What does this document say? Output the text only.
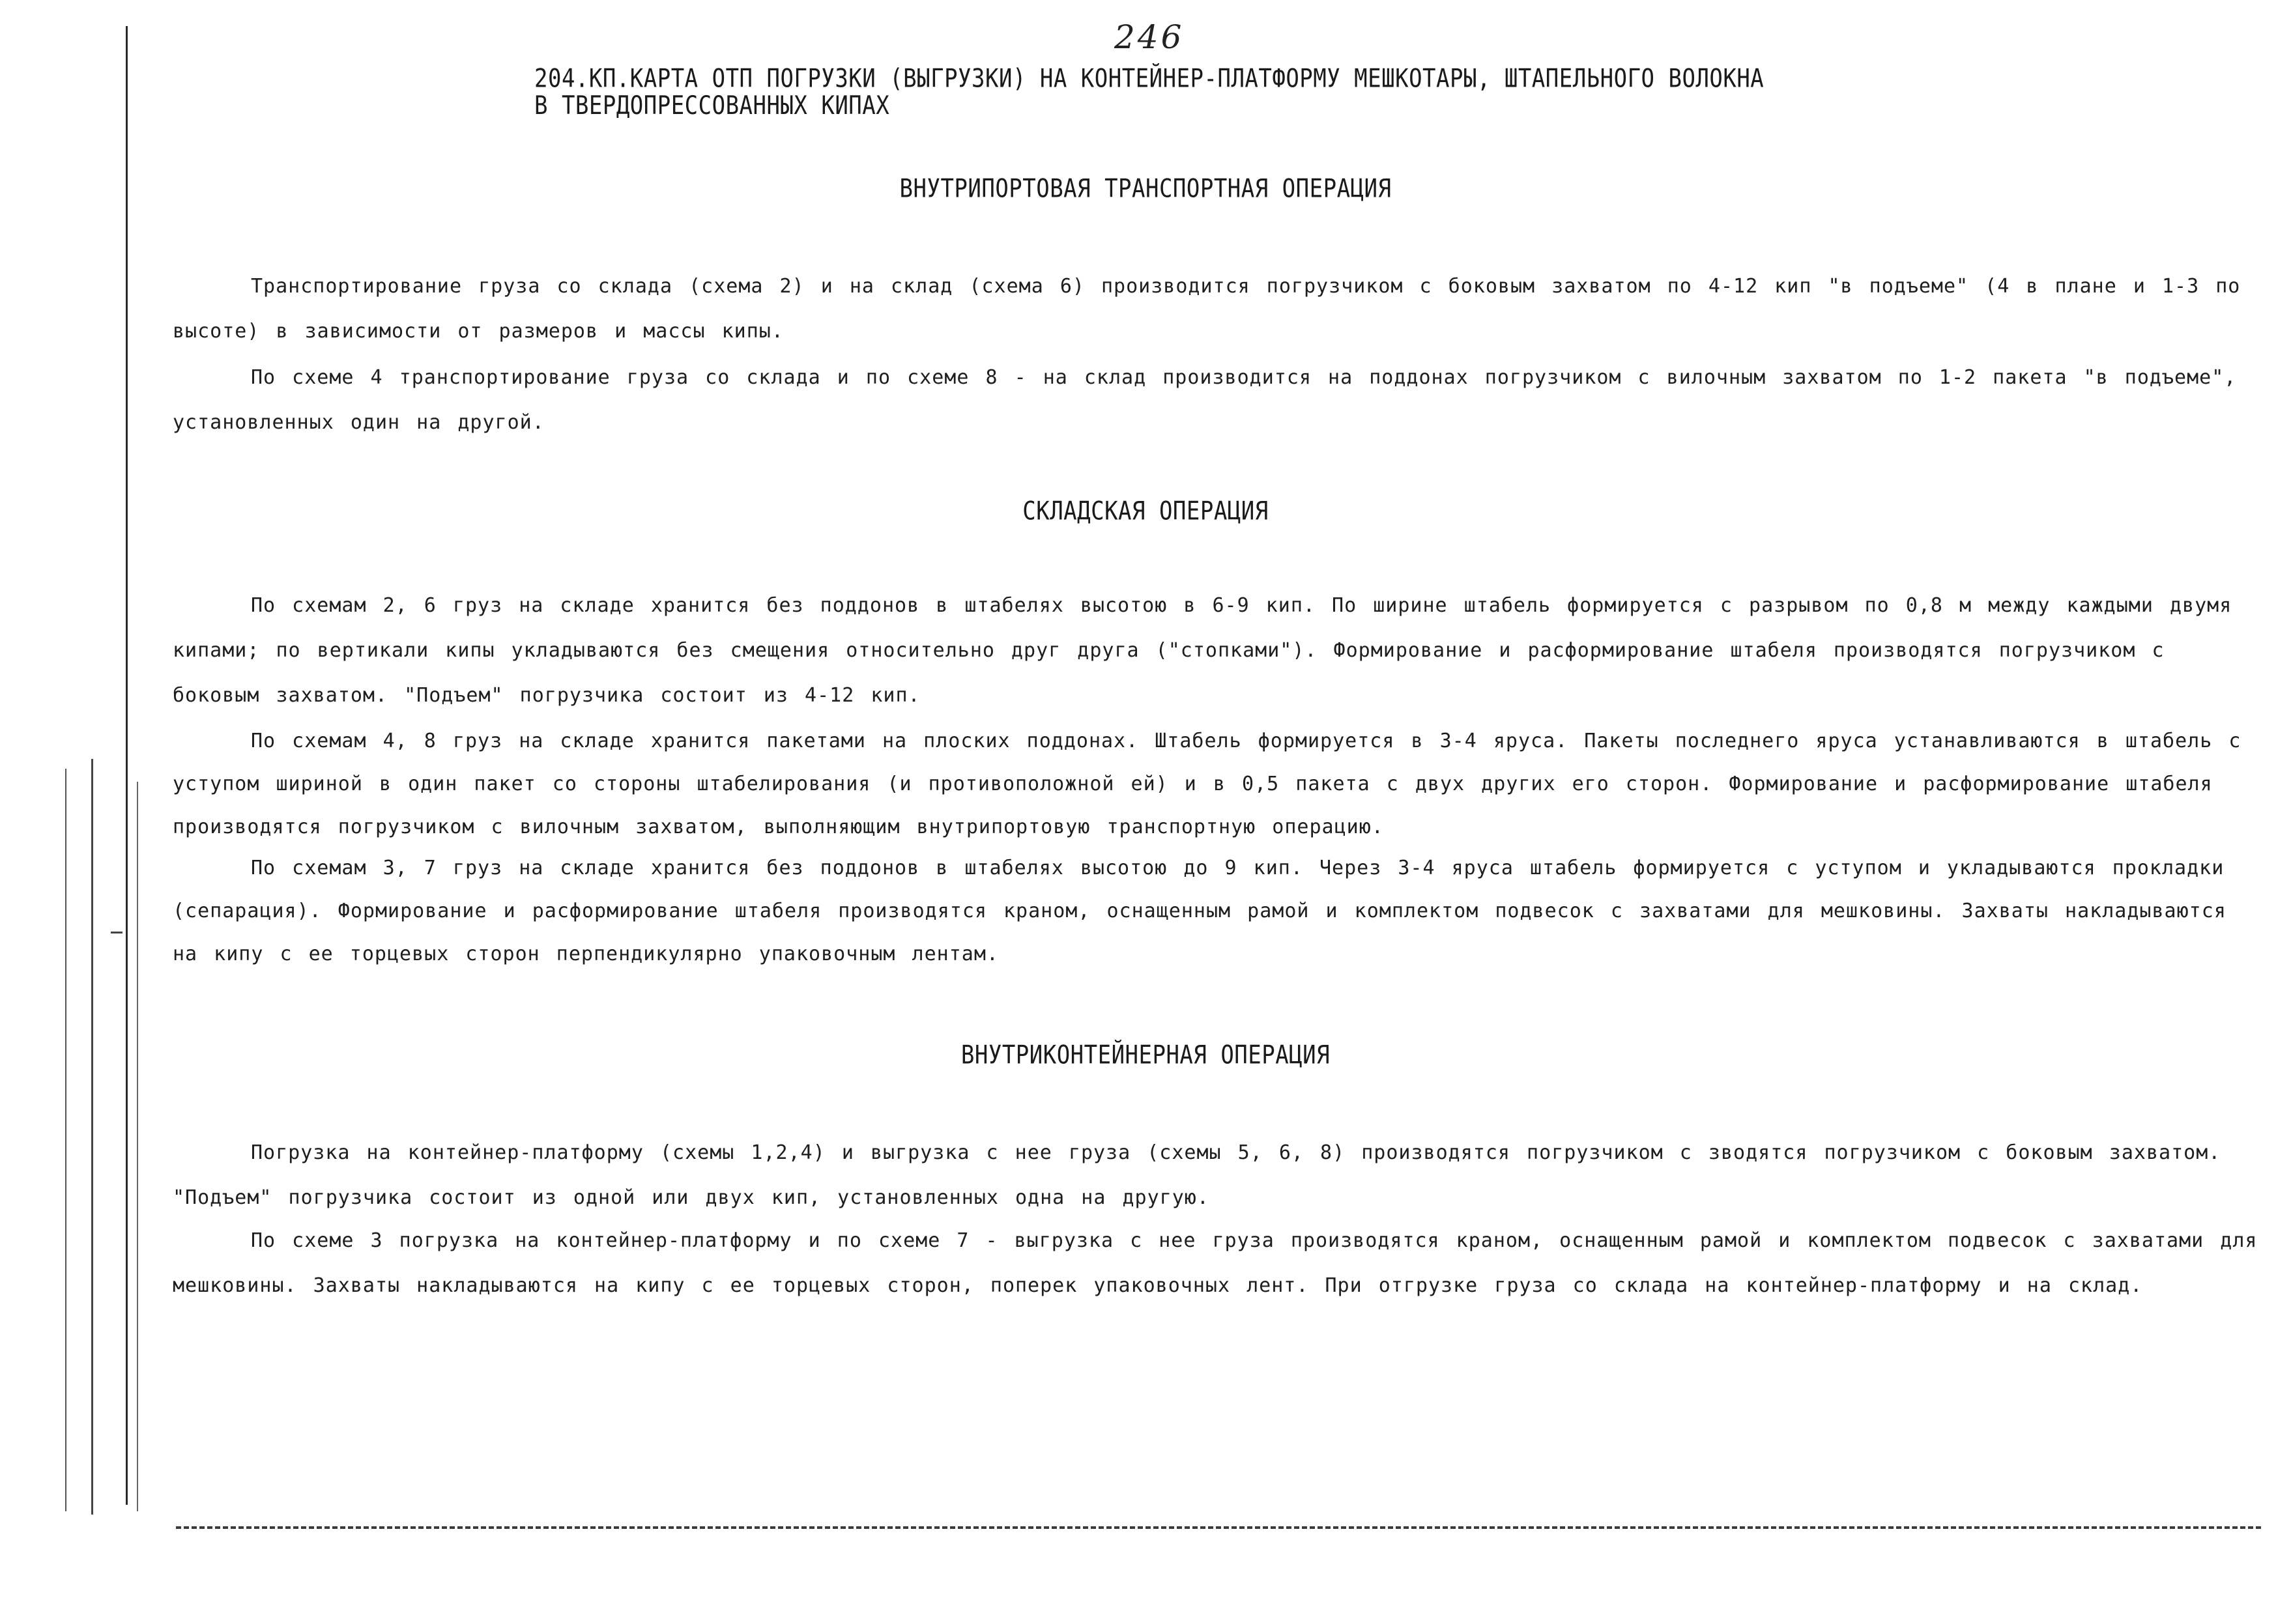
246
204.КП.КАРТА ОТП ПОГРУЗКИ (ВЫГРУЗКИ) НА КОНТЕЙНЕР-ПЛАТФОРМУ МЕШКОТАРЫ, ШТАПЕЛЬНОГО ВОЛОКНА
В ТВЕРДОПРЕССОВАННЫХ КИПАХ
ВНУТРИПОРТОВАЯ ТРАНСПОРТНАЯ ОПЕРАЦИЯ
Транспортирование груза со склада (схема 2) и на склад (схема 6) производится погрузчиком с боковым захватом по 4-12 кип "в подъеме" (4 в плане и 1-3 по высоте) в зависимости от размеров и массы кипы.
По схеме 4 транспортирование груза со склада и по схеме 8 - на склад производится на поддонах погрузчиком с вилочным захватом по 1-2 пакета "в подъеме", установленных один на другой.
СКЛАДСКАЯ ОПЕРАЦИЯ
По схемам 2, 6 груз на складе хранится без поддонов в штабелях высотою в 6-9 кип. По ширине штабель формируется с разрывом по 0,8 м между каждыми двумя кипами; по вертикали кипы укладываются без смещения относительно друг друга ("стопками"). Формирование и расформирование штабеля производятся погрузчиком с боковым захватом. "Подъем" погрузчика состоит из 4-12 кип.
По схемам 4, 8 груз на складе хранится пакетами на плоских поддонах. Штабель формируется в 3-4 яруса. Пакеты последнего яруса устанавливаются в штабель с уступом шириной в один пакет со стороны штабелирования (и противоположной ей) и в 0,5 пакета с двух других его сторон. Формирование и расформирование штабеля производятся погрузчиком с вилочным захватом, выполняющим внутрипортовую транспортную операцию.
По схемам 3, 7 груз на складе хранится без поддонов в штабелях высотою до 9 кип. Через 3-4 яруса штабель формируется с уступом и укладываются прокладки (сепарация). Формирование и расформирование штабеля производятся краном, оснащенным рамой и комплектом подвесок с захватами для мешковины. Захваты накладываются на кипу с ее торцевых сторон перпендикулярно упаковочным лентам.
ВНУТРИКОНТЕЙНЕРНАЯ ОПЕРАЦИЯ
Погрузка на контейнер-платформу (схемы 1,2,4) и выгрузка с нее груза (схемы 5, 6, 8) производятся погрузчиком с зводятся погрузчиком с боковым захватом. "Подъем" погрузчика состоит из одной или двух кип, установленных одна на другую.
По схеме 3 погрузка на контейнер-платформу и по схеме 7 - выгрузка с нее груза производятся краном, оснащенным рамой и комплектом подвесок с захватами для мешковины. Захваты накладываются на кипу с ее торцевых сторон, поперек упаковочных лент. При отгрузке груза со склада на контейнер-платформу и на склад.
